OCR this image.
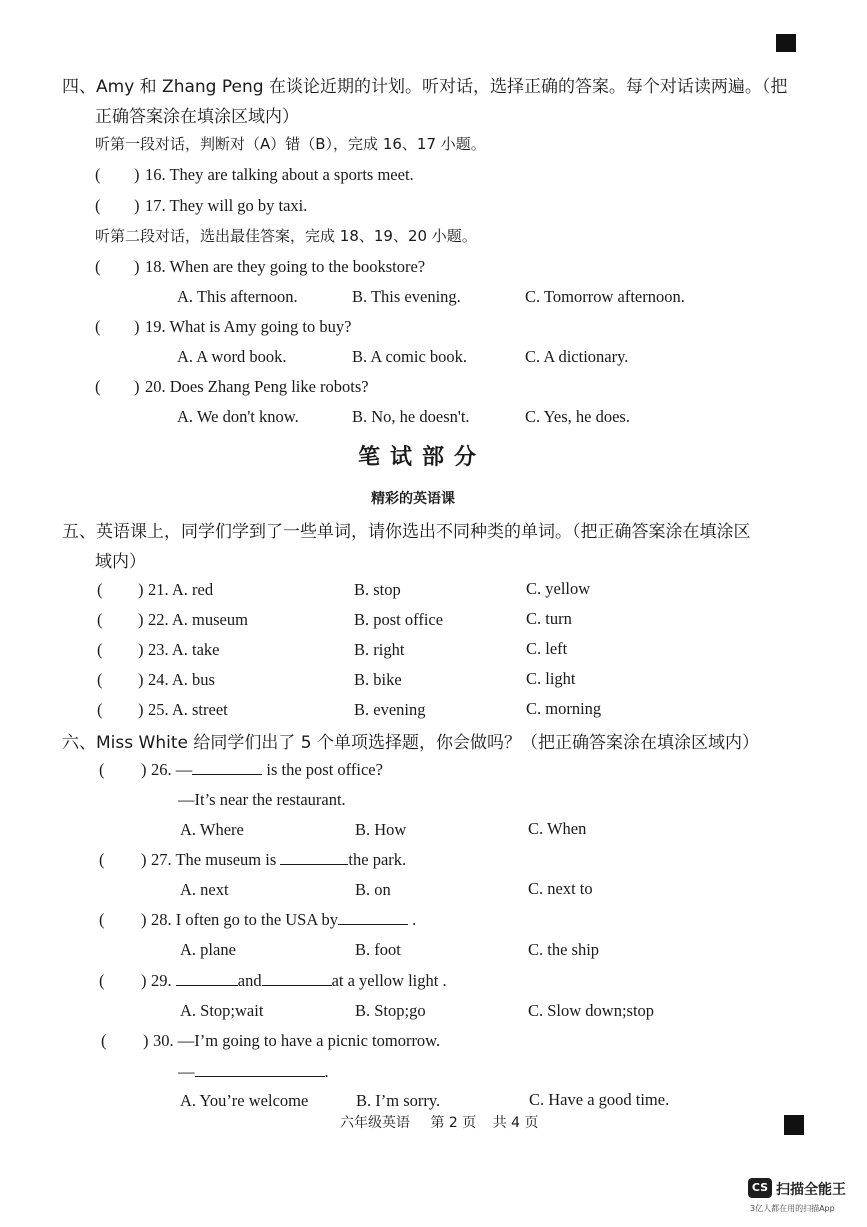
四、Amy 和 Zhang Peng 在谈论近期的计划。听对话，选择正确的答案。每个对话读两遍。（把
正确答案涂在填涂区域内）
听第一段对话，判断对（A）错（B），完成 16、17 小题。
( ) 16. They are talking about a sports meet.
( ) 17. They will go by taxi.
听第二段对话，选出最佳答案，完成 18、19、20 小题。
( ) 18. When are they going to the bookstore?
A. This afternoon.	B. This evening.	C. Tomorrow afternoon.
( ) 19. What is Amy going to buy?
A. A word book.	B. A comic book.	C. A dictionary.
( ) 20. Does Zhang Peng like robots?
A. We don't know.	B. No, he doesn't.	C. Yes, he does.
笔试部分
精彩的英语课
五、英语课上，同学们学到了一些单词，请你选出不同种类的单词。（把正确答案涂在填涂区
域内）
( ) 21. A. red	B. stop	C. yellow
( ) 22. A. museum	B. post office	C. turn
( ) 23. A. take	B. right	C. left
( ) 24. A. bus	B. bike	C. light
( ) 25. A. street	B. evening	C. morning
六、Miss White 给同学们出了 5 个单项选择题，你会做吗？（把正确答案涂在填涂区域内）
( ) 26. —	is the post office?
—It’s near the restaurant.
A. Where	B. How	C. When
( ) 27. The museum is	the park.
A. next	B. on	C. next to
( ) 28. I often go to the USA by	.
A. plane	B. foot	C. the ship
( ) 29.	and	at a yellow light .
A. Stop;wait	B. Stop;go	C. Slow down;stop
( ) 30. —I’m going to have a picnic tomorrow.
—	.
A. You’re welcome	B. I’m sorry.	C. Have a good time.
六年级英语 第 2 页 共 4 页
CS 扫描全能王
3亿人都在用的扫描App
